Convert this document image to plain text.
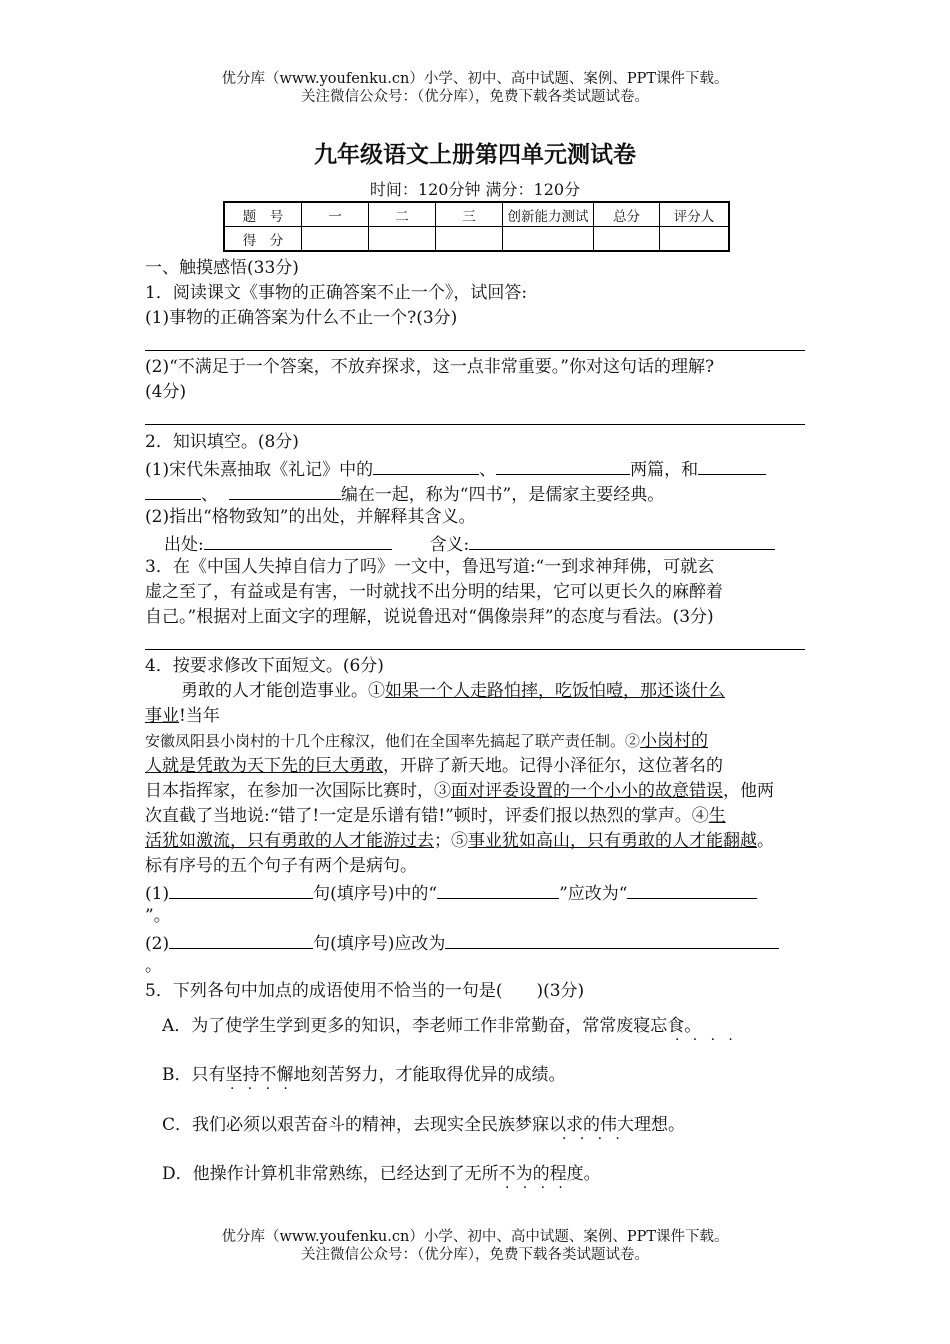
优分库（www.youfenku.cn）小学、初中、高中试题、案例、PPT课件下载。
关注微信公众号：（优分库），免费下载各类试题试卷。
九年级语文上册第四单元测试卷
时间：120分钟 满分：120分
题　号	一	二	三	创新能力测试	总分	评分人
得　分						
一、触摸感悟(33分)
1．阅读课文《事物的正确答案不止一个》，试回答:
(1)事物的正确答案为什么不止一个?(3分)
(2)“不满足于一个答案，不放弃探求，这一点非常重要。”你对这句话的理解?
(4分)
2．知识填空。(8分)
(1)宋代朱熹抽取《礼记》中的	、	两篇，和
、	编在一起，称为“四书”，是儒家主要经典。
(2)指出“格物致知”的出处，并解释其含义。
出处:	含义:
3．在《中国人失掉自信力了吗》一文中，鲁迅写道:“一到求神拜佛，可就玄
虚之至了，有益或是有害，一时就找不出分明的结果，它可以更长久的麻醉着
自己。”根据对上面文字的理解，说说鲁迅对“偶像崇拜”的态度与看法。(3分)
4．按要求修改下面短文。(6分)
勇敢的人才能创造事业。①如果一个人走路怕摔，吃饭怕噎，那还谈什么
事业!当年
安徽凤阳县小岗村的十几个庄稼汉，他们在全国率先搞起了联产责任制。②小岗村的
人就是凭敢为天下先的巨大勇敢，开辟了新天地。记得小泽征尔，这位著名的
日本指挥家，在参加一次国际比赛时，③面对评委设置的一个小小的故意错误，他两
次直截了当地说:“错了!一定是乐谱有错!”顿时，评委们报以热烈的掌声。④生
活犹如激流，只有勇敢的人才能游过去；⑤事业犹如高山，只有勇敢的人才能翻越。
标有序号的五个句子有两个是病句。
(1)	句(填序号)中的“	”应改为“
”。
(2)	句(填序号)应改为
。
5．下列各句中加点的成语使用不恰当的一句是(　　)(3分)
A．为了使学生学到更多的知识，李老师工作非常勤奋，常常废寝忘食。
·   ·   ·   ·
B．只有坚持不懈地刻苦努力，才能取得优异的成绩。
·   ·   ·   ·
C．我们必须以艰苦奋斗的精神，去现实全民族梦寐以求的伟大理想。
·   ·   ·   ·
D．他操作计算机非常熟练，已经达到了无所不为的程度。
·   ·   ·   ·
优分库（www.youfenku.cn）小学、初中、高中试题、案例、PPT课件下载。
关注微信公众号：（优分库），免费下载各类试题试卷。
